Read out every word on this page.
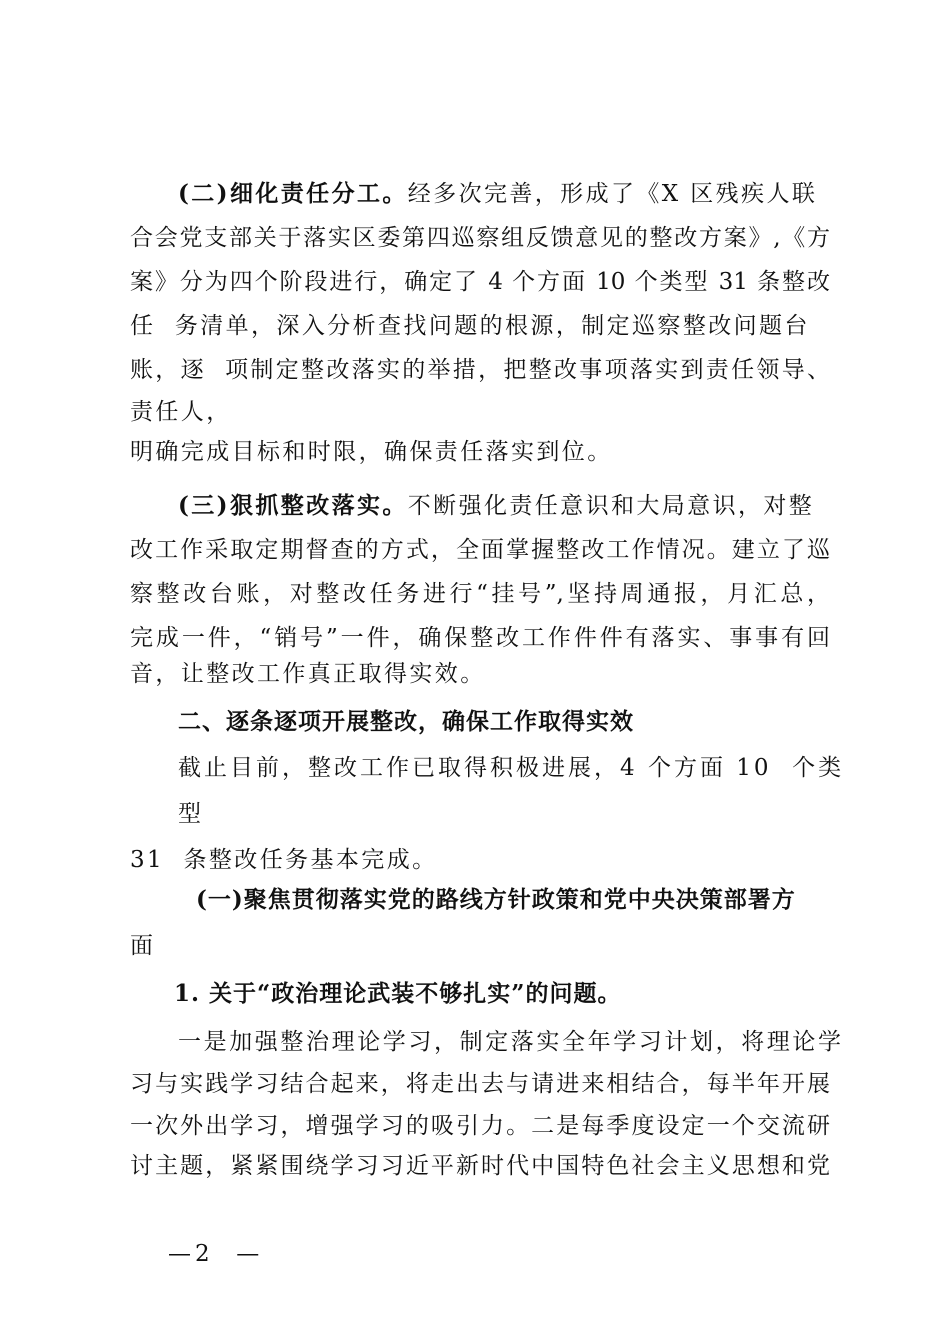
(二)细化责任分工。经多次完善，形成了《X 区残疾人联
合会党支部关于落实区委第四巡察组反馈意见的整改方案》,《方
案》分为四个阶段进行，确定了 4 个方面 10 个类型 31 条整改
任  务清单，深入分析查找问题的根源，制定巡察整改问题台
账，逐  项制定整改落实的举措，把整改事项落实到责任领导、
责任人，
明确完成目标和时限，确保责任落实到位。
(三)狠抓整改落实。不断强化责任意识和大局意识，对整
改工作采取定期督查的方式，全面掌握整改工作情况。建立了巡
察整改台账，对整改任务进行“挂号”,坚持周通报，月汇总，
完成一件，“销号”一件，确保整改工作件件有落实、事事有回
音，让整改工作真正取得实效。
二、逐条逐项开展整改，确保工作取得实效
截止目前，整改工作已取得积极进展，4 个方面 10  个类
型
31  条整改任务基本完成。
(一)聚焦贯彻落实党的路线方针政策和党中央决策部署方
面
1. 关于“政治理论武装不够扎实”的问题。
一是加强整治理论学习，制定落实全年学习计划，将理论学
习与实践学习结合起来，将走出去与请进来相结合，每半年开展
一次外出学习，增强学习的吸引力。二是每季度设定一个交流研
讨主题，紧紧围绕学习习近平新时代中国特色社会主义思想和党
—2  —
